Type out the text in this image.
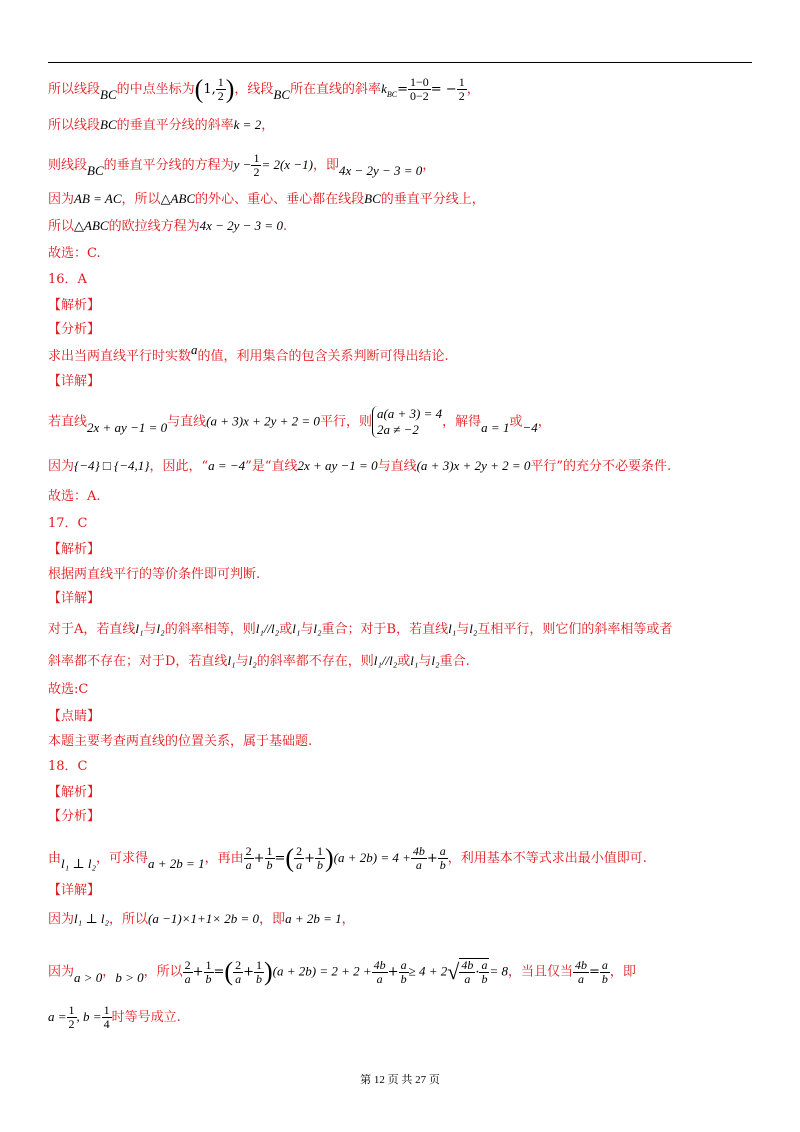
所以线段BC的中点坐标为(1, $\frac{1}{2}$ )，线段BC所在直线的斜率$k_{BC}= \frac{1-0}{0-2}$ = − $\frac{1}{2}$ ，
所以线段BC的垂直平分线的斜率k = 2，
则线段BC的垂直平分线的方程为$y - \frac{1}{2} = 2(x -1)$，即4x − 2y − 3 = 0，
因为AB = AC，所以△ABC的外心、重心、垂心都在线段BC的垂直平分线上，
所以△ABC的欧拉线方程为4x − 2y − 3 = 0.
故选：C.
16．A
【解析】
【分析】
求出当两直线平行时实数a的值，利用集合的包含关系判断可得出结论.
【详解】
若直线2x + ay −1 = 0与直线(a + 3)x + 2y + 2 = 0平行，则
a(a + 3) = 4
2a ≠ −2	，解得a = 1或−4，
因为{−4} □ {−4,1}，因此，“a = −4”是“直线2x + ay −1 = 0与直线(a + 3)x + 2y + 2 = 0平行”的充分不必要条件.
故选：A.
17．C
【解析】
根据两直线平行的等价条件即可判断.
【详解】
对于A，若直线l₁与l₂的斜率相等，则l₁//l₂或l₁与l₂重合；对于B，若直线l₁与l₂互相平行，则它们的斜率相等或者
斜率都不存在；对于D，若直线l₁与l₂的斜率都不存在，则l₁//l₂或l₁与l₂重合.
故选:C
【点睛】
本题主要考查两直线的位置关系，属于基础题.
18．C
【解析】
【分析】
由l₁ ⊥ l₂，可求得a + 2b = 1，再由 $\frac{2}{a} + \frac{1}{b}$ =( $\frac{2}{a} + \frac{1}{b} )(a + 2b) = 4 + \frac{4b}{a} + \frac{a}{b}$ ，利用基本不等式求出最小值即可.
【详解】
因为l₁ ⊥ l₂，所以(a −1)×1+1× 2b = 0，即a + 2b = 1，
因为a > 0，b > 0，所以 $\frac{2}{a} + \frac{1}{b}$ =( $\frac{2}{a} + \frac{1}{b} )(a + 2b) = 2 + 2 + \frac{4b}{a} + \frac{a}{b} \ge 4 + 2√ \frac{4b}{a} \cdot \frac{a}{b} = 8$，当且仅当 $\frac{4b}{a} = \frac{a}{b}$ ，即
$a = \frac{1}{2}$ , $b = \frac{1}{4}$ 时等号成立.
第 12 页 共 27 页
